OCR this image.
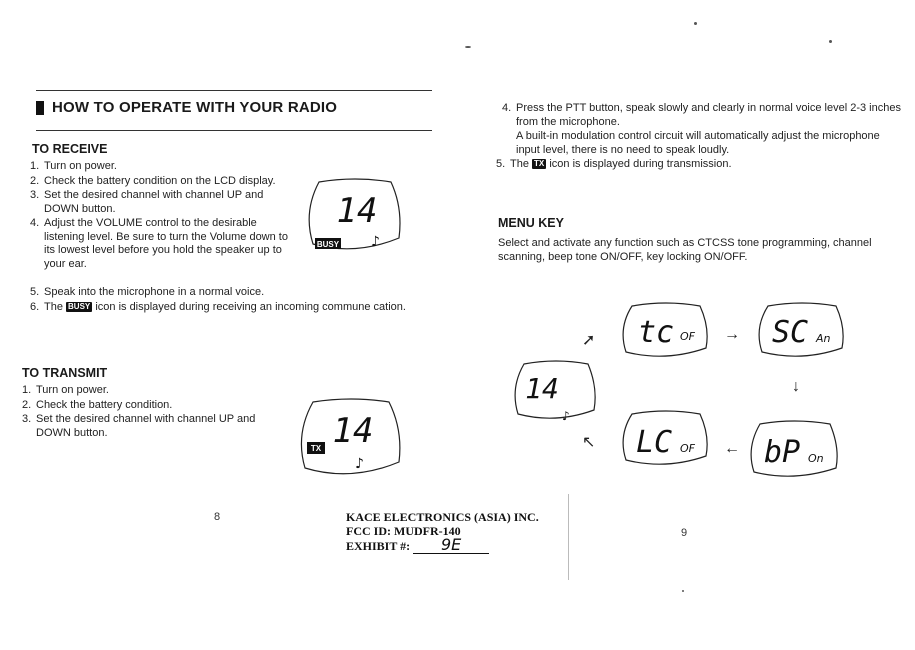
HOW TO OPERATE WITH YOUR RADIO
TO RECEIVE
1. Turn on power.
2. Check the battery condition on the LCD display.
3. Set the desired channel with channel UP and DOWN button.
4. Adjust the VOLUME control to the desirable listening level. Be sure to turn the Volume down to its lowest level before you hold the speaker up to your ear.
5. Speak into the microphone in a normal voice.
6. The BUSY icon is displayed during receiving an incoming commune cation.
14
BUSY ♪
TO TRANSMIT
1. Turn on power.
2. Check the battery condition.
3. Set the desired channel with channel UP and DOWN button.	14
TX
♪
8	KACE ELECTRONICS (ASIA) INC.
FCC ID: MUDFR-140
EXHIBIT #: 9E
4. Press the PTT button, speak slowly and clearly in normal voice level 2-3 inches from the microphone.
A built-in modulation control circuit will automatically adjust the microphone input level, there is no need to speak loudly.
5. The TX icon is displayed during transmission.
MENU KEY
Select and activate any function such as CTCSS tone programming, channel scanning, beep tone ON/OFF, key locking ON/OFF.
14
♪
tc OF	SC An
LC OF bP On
➚	→
↓
←
↖
9
